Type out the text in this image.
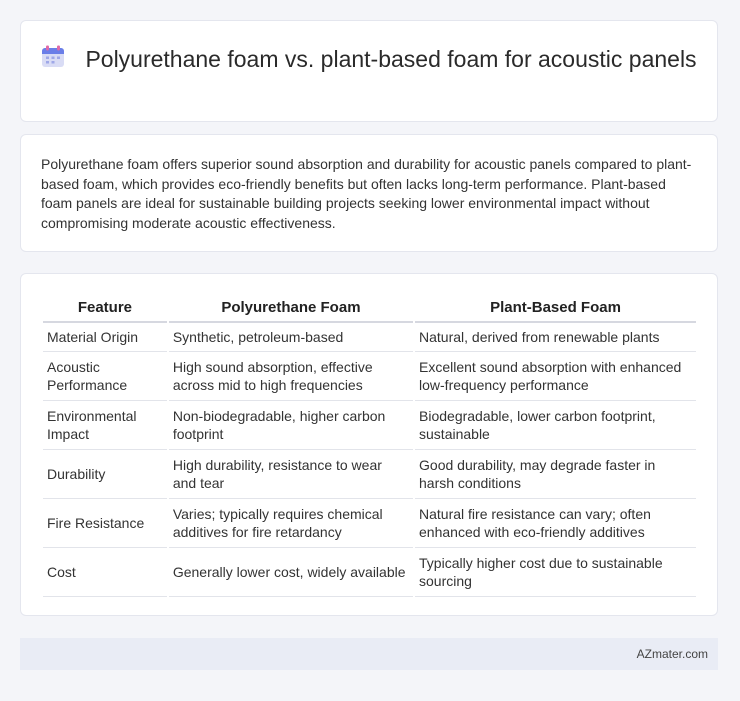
Polyurethane foam vs. plant-based foam for acoustic panels
Polyurethane foam offers superior sound absorption and durability for acoustic panels compared to plant-based foam, which provides eco-friendly benefits but often lacks long-term performance. Plant-based foam panels are ideal for sustainable building projects seeking lower environmental impact without compromising moderate acoustic effectiveness.
Feature	Polyurethane Foam	Plant-Based Foam
Material Origin	Synthetic, petroleum-based	Natural, derived from renewable plants
Acoustic Performance	High sound absorption, effective across mid to high frequencies	Excellent sound absorption with enhanced low-frequency performance
Environmental Impact	Non-biodegradable, higher carbon footprint	Biodegradable, lower carbon footprint, sustainable
Durability	High durability, resistance to wear and tear	Good durability, may degrade faster in harsh conditions
Fire Resistance	Varies; typically requires chemical additives for fire retardancy	Natural fire resistance can vary; often enhanced with eco-friendly additives
Cost	Generally lower cost, widely available	Typically higher cost due to sustainable sourcing
AZmater.com
